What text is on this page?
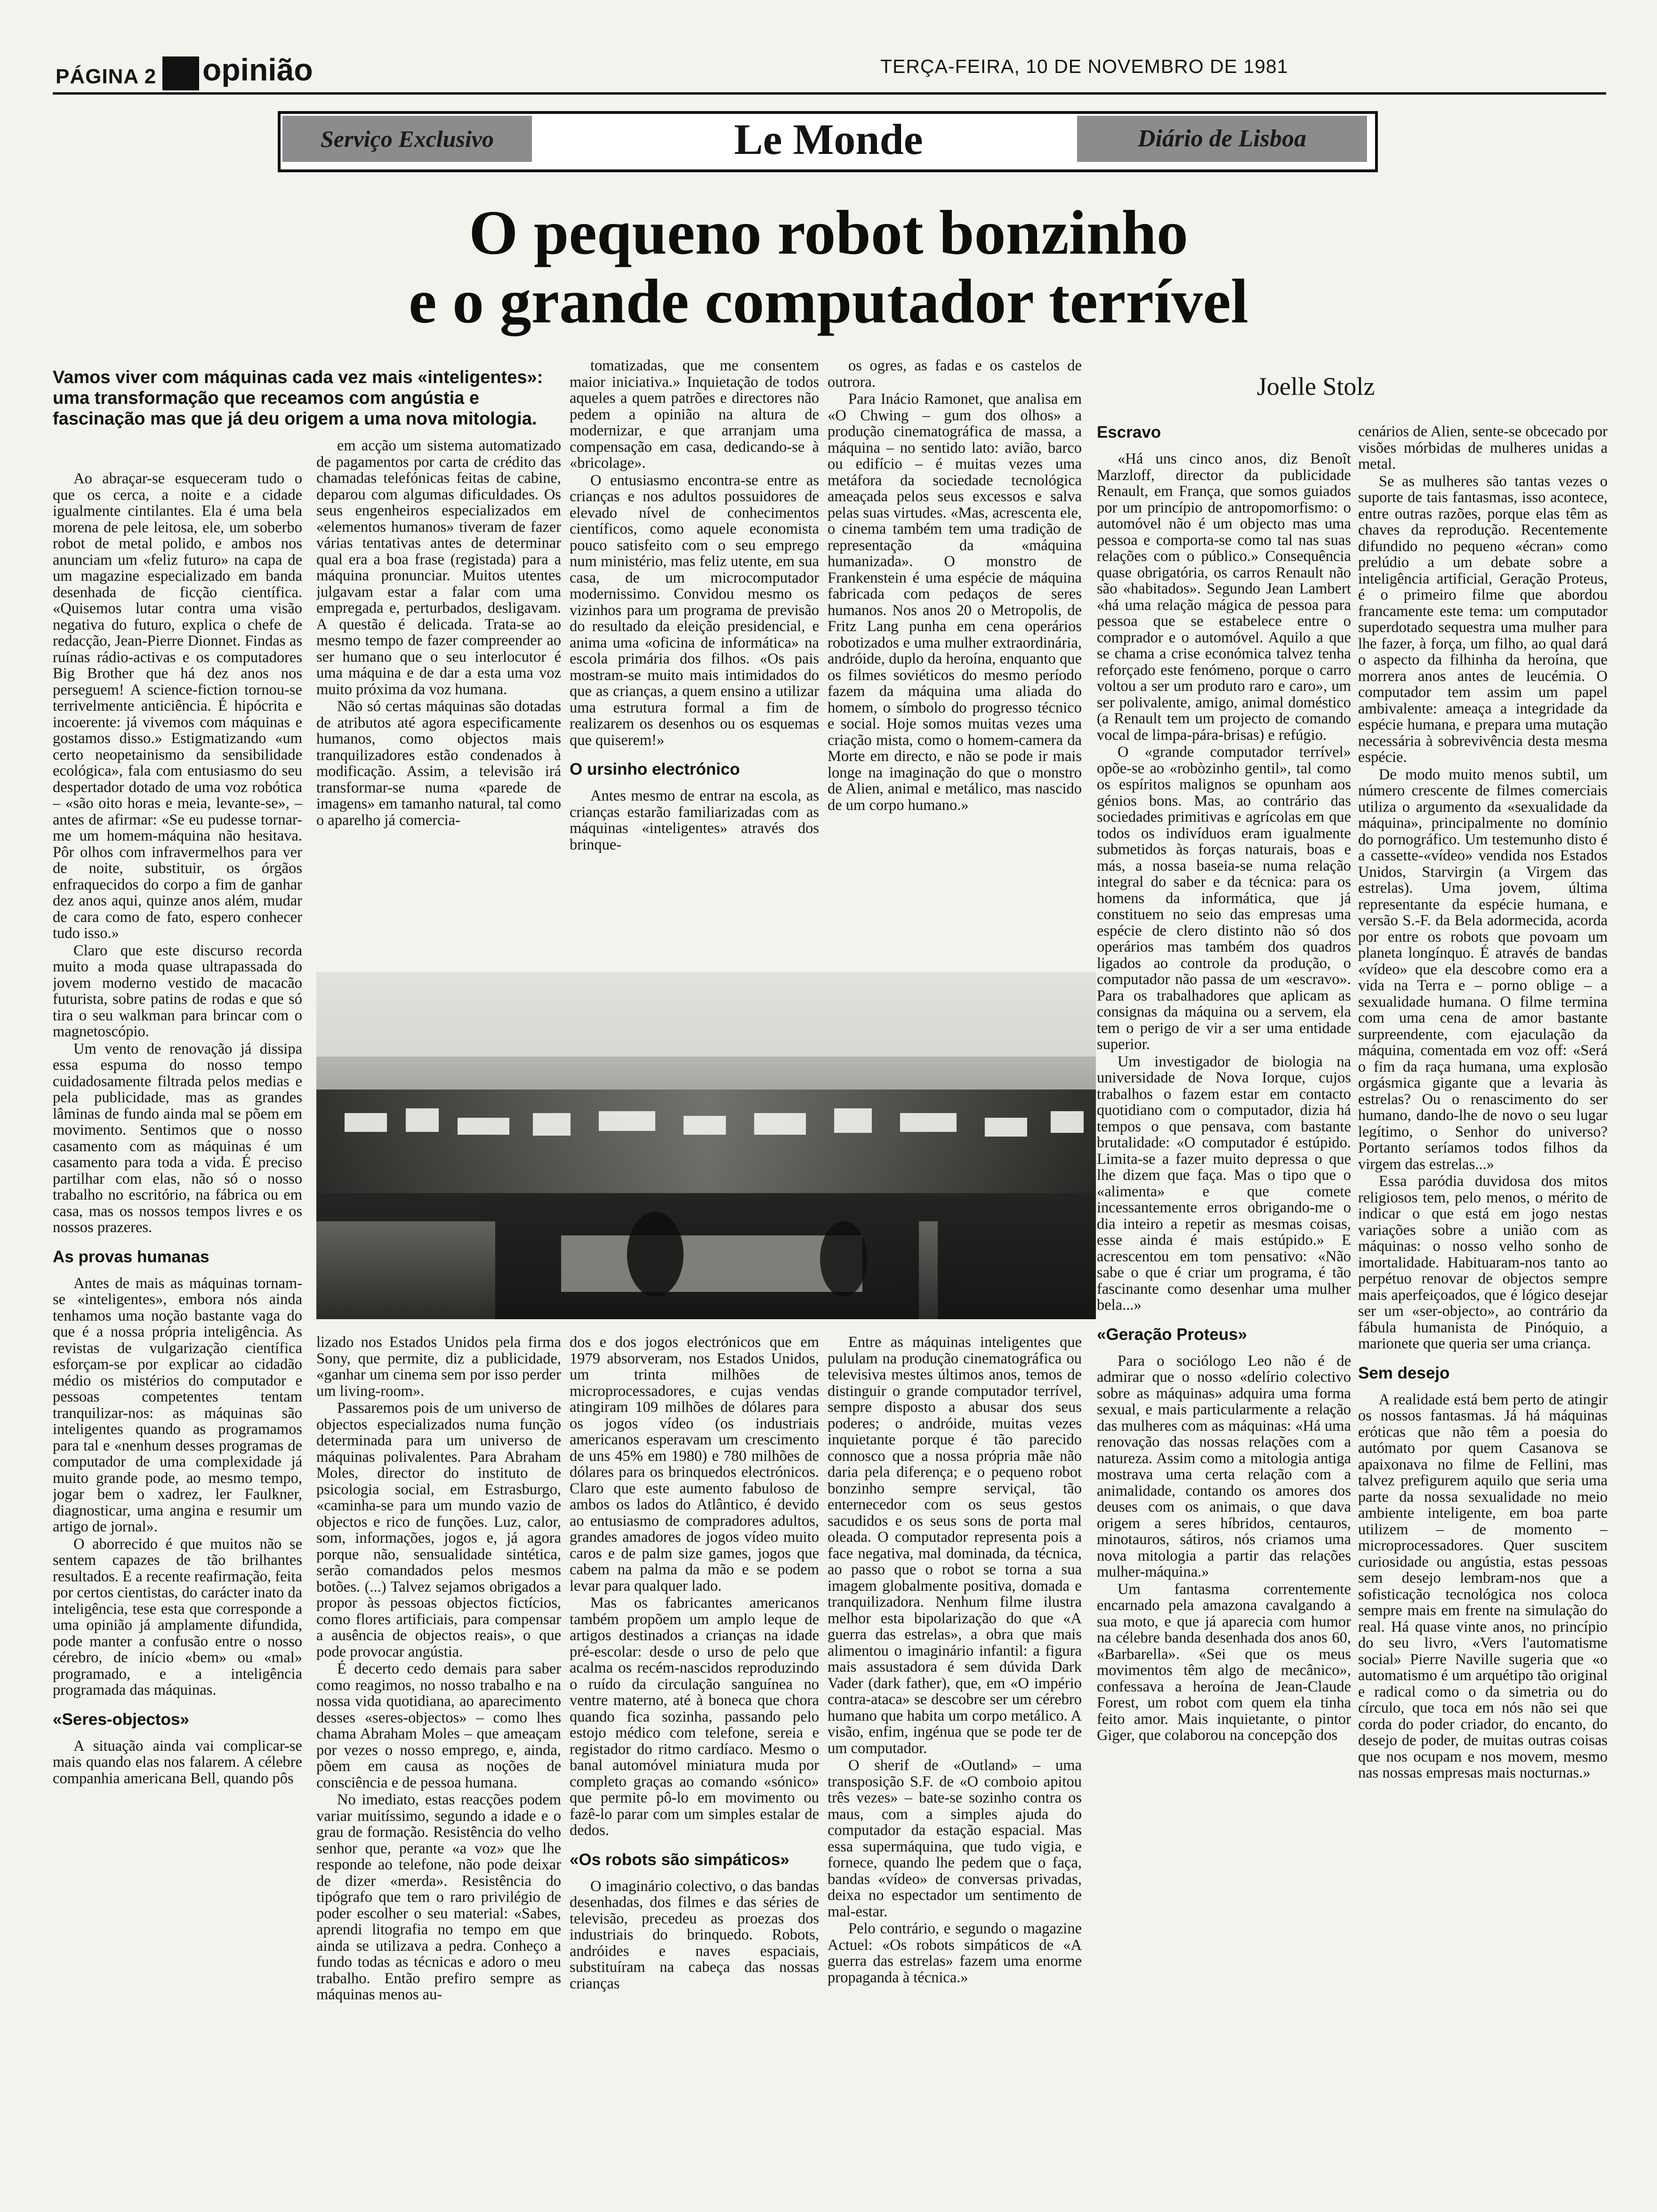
PÁGINA 2 opinião	TERÇA-FEIRA, 10 DE NOVEMBRO DE 1981
Serviço Exclusivo	Le Monde	Diário de Lisboa
O pequeno robot bonzinho
e o grande computador terrível
Vamos viver com máquinas cada vez mais «inteligentes»: uma transformação que receamos com angústia e fascinação mas que já deu origem a uma nova mitologia.
Joelle Stolz

Ao abraçar-se esqueceram tudo o que os cerca, a noite e a cidade igualmente cintilantes. Ela é uma bela morena de pele leitosa, ele, um soberbo robot de metal polido, e ambos nos anunciam um «feliz futuro» na capa de um magazine especializado em banda desenhada de ficção científica. «Quisemos lutar contra uma visão negativa do futuro, explica o chefe de redacção, Jean-Pierre Dionnet. Findas as ruínas rádio-activas e os computadores Big Brother que há dez anos nos perseguem! A science-fiction tornou-se terrivelmente anticiência. É hipócrita e incoerente: já vivemos com máquinas e gostamos disso.» Estigmatizando «um certo neopetainismo da sensibilidade ecológica», fala com entusiasmo do seu despertador dotado de uma voz robótica – «são oito horas e meia, levante-se», – antes de afirmar: «Se eu pudesse tornar-me um homem-máquina não hesitava. Pôr olhos com infravermelhos para ver de noite, substituir, os órgãos enfraquecidos do corpo a fim de ganhar dez anos aqui, quinze anos além, mudar de cara como de fato, espero conhecer tudo isso.»

Claro que este discurso recorda muito a moda quase ultrapassada do jovem moderno vestido de macacão futurista, sobre patins de rodas e que só tira o seu walkman para brincar com o magnetoscópio.

Um vento de renovação já dissipa essa espuma do nosso tempo cuidadosamente filtrada pelos medias e pela publicidade, mas as grandes lâminas de fundo ainda mal se põem em movimento. Sentimos que o nosso casamento com as máquinas é um casamento para toda a vida. É preciso partilhar com elas, não só o nosso trabalho no escritório, na fábrica ou em casa, mas os nossos tempos livres e os nossos prazeres.

As provas humanas

Antes de mais as máquinas tornam-se «inteligentes», embora nós ainda tenhamos uma noção bastante vaga do que é a nossa própria inteligência. As revistas de vulgarização científica esforçam-se por explicar ao cidadão médio os mistérios do computador e pessoas competentes tentam tranquilizar-nos: as máquinas são inteligentes quando as programamos para tal e «nenhum desses programas de computador de uma complexidade já muito grande pode, ao mesmo tempo, jogar bem o xadrez, ler Faulkner, diagnosticar, uma angina e resumir um artigo de jornal».

O aborrecido é que muitos não se sentem capazes de tão brilhantes resultados. E a recente reafirmação, feita por certos cientistas, do carácter inato da inteligência, tese esta que corresponde a uma opinião já amplamente difundida, pode manter a confusão entre o nosso cérebro, de início «bem» ou «mal» programado, e a inteligência programada das máquinas.

«Seres-objectos»

A situação ainda vai complicar-se mais quando elas nos falarem. A célebre companhia americana Bell, quando pôs

em acção um sistema automatizado de pagamentos por carta de crédito das chamadas telefónicas feitas de cabine, deparou com algumas dificuldades. Os seus engenheiros especializados em «elementos humanos» tiveram de fazer várias tentativas antes de determinar qual era a boa frase (registada) para a máquina pronunciar. Muitos utentes julgavam estar a falar com uma empregada e, perturbados, desligavam. A questão é delicada. Trata-se ao mesmo tempo de fazer compreender ao ser humano que o seu interlocutor é uma máquina e de dar a esta uma voz muito próxima da voz humana.

Não só certas máquinas são dotadas de atributos até agora especificamente humanos, como objectos mais tranquilizadores estão condenados à modificação. Assim, a televisão irá transformar-se numa «parede de imagens» em tamanho natural, tal como o aparelho já comercia-

tomatizadas, que me consentem maior iniciativa.» Inquietação de todos aqueles a quem patrões e directores não pedem a opinião na altura de modernizar, e que arranjam uma compensação em casa, dedicando-se à «bricolage».

O entusiasmo encontra-se entre as crianças e nos adultos possuidores de elevado nível de conhecimentos científicos, como aquele economista pouco satisfeito com o seu emprego num ministério, mas feliz utente, em sua casa, de um microcomputador modernissimo. Convidou mesmo os vizinhos para um programa de previsão do resultado da eleição presidencial, e anima uma «oficina de informática» na escola primária dos filhos. «Os pais mostram-se muito mais intimidados do que as crianças, a quem ensino a utilizar uma estrutura formal a fim de realizarem os desenhos ou os esquemas que quiserem!»

O ursinho electrónico

Antes mesmo de entrar na escola, as crianças estarão familiarizadas com as máquinas «inteligentes» através dos brinque-

os ogres, as fadas e os castelos de outrora.

Para Inácio Ramonet, que analisa em «O Chwing – gum dos olhos» a produção cinematográfica de massa, a máquina – no sentido lato: avião, barco ou edifício – é muitas vezes uma metáfora da sociedade tecnológica ameaçada pelos seus excessos e salva pelas suas virtudes. «Mas, acrescenta ele, o cinema também tem uma tradição de representação da «máquina humanizada». O monstro de Frankenstein é uma espécie de máquina fabricada com pedaços de seres humanos. Nos anos 20 o Metropolis, de Fritz Lang punha em cena operários robotizados e uma mulher extraordinária, andróide, duplo da heroína, enquanto que os filmes soviéticos do mesmo período fazem da máquina uma aliada do homem, o símbolo do progresso técnico e social. Hoje somos muitas vezes uma criação mista, como o homem-camera da Morte em directo, e não se pode ir mais longe na imaginação do que o monstro de Alien, animal e metálico, mas nascido de um corpo humano.»

lizado nos Estados Unidos pela firma Sony, que permite, diz a publicidade, «ganhar um cinema sem por isso perder um living-room».

Passaremos pois de um universo de objectos especializados numa função determinada para um universo de máquinas polivalentes. Para Abraham Moles, director do instituto de psicologia social, em Estrasburgo, «caminha-se para um mundo vazio de objectos e rico de funções. Luz, calor, som, informações, jogos e, já agora porque não, sensualidade sintética, serão comandados pelos mesmos botões. (...) Talvez sejamos obrigados a propor às pessoas objectos fictícios, como flores artificiais, para compensar a ausência de objectos reais», o que pode provocar angústia.

É decerto cedo demais para saber como reagimos, no nosso trabalho e na nossa vida quotidiana, ao aparecimento desses «seres-objectos» – como lhes chama Abraham Moles – que ameaçam por vezes o nosso emprego, e, ainda, põem em causa as noções de consciência e de pessoa humana.

No imediato, estas reacções podem variar muitíssimo, segundo a idade e o grau de formação. Resistência do velho senhor que, perante «a voz» que lhe responde ao telefone, não pode deixar de dizer «merda». Resistência do tipógrafo que tem o raro privilégio de poder escolher o seu material: «Sabes, aprendi litografia no tempo em que ainda se utilizava a pedra. Conheço a fundo todas as técnicas e adoro o meu trabalho. Então prefiro sempre as máquinas menos au-

dos e dos jogos electrónicos que em 1979 absorveram, nos Estados Unidos, um trinta milhões de microprocessadores, e cujas vendas atingiram 109 milhões de dólares para os jogos vídeo (os industriais americanos esperavam um crescimento de uns 45% em 1980) e 780 milhões de dólares para os brinquedos electrónicos. Claro que este aumento fabuloso de ambos os lados do Atlântico, é devido ao entusiasmo de compradores adultos, grandes amadores de jogos vídeo muito caros e de palm size games, jogos que cabem na palma da mão e se podem levar para qualquer lado.

Mas os fabricantes americanos também propõem um amplo leque de artigos destinados a crianças na idade pré-escolar: desde o urso de pelo que acalma os recém-nascidos reproduzindo o ruído da circulação sanguínea no ventre materno, até à boneca que chora quando fica sozinha, passando pelo estojo médico com telefone, sereia e registador do ritmo cardíaco. Mesmo o banal automóvel miniatura muda por completo graças ao comando «sónico» que permite pô-lo em movimento ou fazê-lo parar com um simples estalar de dedos.

«Os robots são simpáticos»

O imaginário colectivo, o das bandas desenhadas, dos filmes e das séries de televisão, precedeu as proezas dos industriais do brinquedo. Robots, andróides e naves espaciais, substituíram na cabeça das nossas crianças

Entre as máquinas inteligentes que pululam na produção cinematográfica ou televisiva mestes últimos anos, temos de distinguir o grande computador terrível, sempre disposto a abusar dos seus poderes; o andróide, muitas vezes inquietante porque é tão parecido connosco que a nossa própria mãe não daria pela diferença; e o pequeno robot bonzinho sempre serviçal, tão enternecedor com os seus gestos sacudidos e os seus sons de porta mal oleada. O computador representa pois a face negativa, mal dominada, da técnica, ao passo que o robot se torna a sua imagem globalmente positiva, domada e tranquilizadora. Nenhum filme ilustra melhor esta bipolarização do que «A guerra das estrelas», a obra que mais alimentou o imaginário infantil: a figura mais assustadora é sem dúvida Dark Vader (dark father), que, em «O império contra-ataca» se descobre ser um cérebro humano que habita um corpo metálico. A visão, enfim, ingénua que se pode ter de um computador.

O sherif de «Outland» – uma transposição S.F. de «O comboio apitou três vezes» – bate-se sozinho contra os maus, com a simples ajuda do computador da estação espacial. Mas essa supermáquina, que tudo vigia, e fornece, quando lhe pedem que o faça, bandas «vídeo» de conversas privadas, deixa no espectador um sentimento de mal-estar.

Pelo contrário, e segundo o magazine Actuel: «Os robots simpáticos de «A guerra das estrelas» fazem uma enorme propaganda à técnica.»

Escravo

«Há uns cinco anos, diz Benoît Marzloff, director da publicidade Renault, em França, que somos guiados por um princípio de antropomorfismo: o automóvel não é um objecto mas uma pessoa e comporta-se como tal nas suas relações com o público.» Consequência quase obrigatória, os carros Renault não são «habitados». Segundo Jean Lambert «há uma relação mágica de pessoa para pessoa que se estabelece entre o comprador e o automóvel. Aquilo a que se chama a crise económica talvez tenha reforçado este fenómeno, porque o carro voltou a ser um produto raro e caro», um ser polivalente, amigo, animal doméstico (a Renault tem um projecto de comando vocal de limpa-pára-brisas) e refúgio.

O «grande computador terrível» opõe-se ao «robòzinho gentil», tal como os espíritos malignos se opunham aos génios bons. Mas, ao contrário das sociedades primitivas e agrícolas em que todos os indivíduos eram igualmente submetidos às forças naturais, boas e más, a nossa baseia-se numa relação integral do saber e da técnica: para os homens da informática, que já constituem no seio das empresas uma espécie de clero distinto não só dos operários mas também dos quadros ligados ao controle da produção, o computador não passa de um «escravo». Para os trabalhadores que aplicam as consignas da máquina ou a servem, ela tem o perigo de vir a ser uma entidade superior.

Um investigador de biologia na universidade de Nova Iorque, cujos trabalhos o fazem estar em contacto quotidiano com o computador, dizia há tempos o que pensava, com bastante brutalidade: «O computador é estúpido. Limita-se a fazer muito depressa o que lhe dizem que faça. Mas o tipo que o «alimenta» e que comete incessantemente erros obrigando-me o dia inteiro a repetir as mesmas coisas, esse ainda é mais estúpido.» E acrescentou em tom pensativo: «Não sabe o que é criar um programa, é tão fascinante como desenhar uma mulher bela...»

«Geração Proteus»

Para o sociólogo Leo não é de admirar que o nosso «delírio colectivo sobre as máquinas» adquira uma forma sexual, e mais particularmente a relação das mulheres com as máquinas: «Há uma renovação das nossas relações com a natureza. Assim como a mitologia antiga mostrava uma certa relação com a animalidade, contando os amores dos deuses com os animais, o que dava origem a seres híbridos, centauros, minotauros, sátiros, nós criamos uma nova mitologia a partir das relações mulher-máquina.»

Um fantasma correntemente encarnado pela amazona cavalgando a sua moto, e que já aparecia com humor na célebre banda desenhada dos anos 60, «Barbarella». «Sei que os meus movimentos têm algo de mecânico», confessava a heroína de Jean-Claude Forest, um robot com quem ela tinha feito amor. Mais inquietante, o pintor Giger, que colaborou na concepção dos

cenários de Alien, sente-se obcecado por visões mórbidas de mulheres unidas a metal.

Se as mulheres são tantas vezes o suporte de tais fantasmas, isso acontece, entre outras razões, porque elas têm as chaves da reprodução. Recentemente difundido no pequeno «écran» como prelúdio a um debate sobre a inteligência artificial, Geração Proteus, é o primeiro filme que abordou francamente este tema: um computador superdotado sequestra uma mulher para lhe fazer, à força, um filho, ao qual dará o aspecto da filhinha da heroína, que morrera anos antes de leucémia. O computador tem assim um papel ambivalente: ameaça a integridade da espécie humana, e prepara uma mutação necessária à sobrevivência desta mesma espécie.

De modo muito menos subtil, um número crescente de filmes comerciais utiliza o argumento da «sexualidade da máquina», principalmente no domínio do pornográfico. Um testemunho disto é a cassette-«vídeo» vendida nos Estados Unidos, Starvirgin (a Virgem das estrelas). Uma jovem, última representante da espécie humana, e versão S.-F. da Bela adormecida, acorda por entre os robots que povoam um planeta longínquo. É através de bandas «vídeo» que ela descobre como era a vida na Terra e – porno oblige – a sexualidade humana. O filme termina com uma cena de amor bastante surpreendente, com ejaculação da máquina, comentada em voz off: «Será o fim da raça humana, uma explosão orgásmica gigante que a levaria às estrelas? Ou o renascimento do ser humano, dando-lhe de novo o seu lugar legítimo, o Senhor do universo? Portanto seríamos todos filhos da virgem das estrelas...»

Essa paródia duvidosa dos mitos religiosos tem, pelo menos, o mérito de indicar o que está em jogo nestas variações sobre a união com as máquinas: o nosso velho sonho de imortalidade. Habituaram-nos tanto ao perpétuo renovar de objectos sempre mais aperfeiçoados, que é lógico desejar ser um «ser-objecto», ao contrário da fábula humanista de Pinóquio, a marionete que queria ser uma criança.

Sem desejo

A realidade está bem perto de atingir os nossos fantasmas. Já há máquinas eróticas que não têm a poesia do autómato por quem Casanova se apaixonava no filme de Fellini, mas talvez prefigurem aquilo que seria uma parte da nossa sexualidade no meio ambiente inteligente, em boa parte utilizem – de momento – microprocessadores. Quer suscitem curiosidade ou angústia, estas pessoas sem desejo lembram-nos que a sofisticação tecnológica nos coloca sempre mais em frente na simulação do real. Há quase vinte anos, no princípio do seu livro, «Vers l'automatisme social» Pierre Naville sugeria que «o automatismo é um arquétipo tão original e radical como o da simetria ou do círculo, que toca em nós não sei que corda do poder criador, do encanto, do desejo de poder, de muitas outras coisas que nos ocupam e nos movem, mesmo nas nossas empresas mais nocturnas.»
